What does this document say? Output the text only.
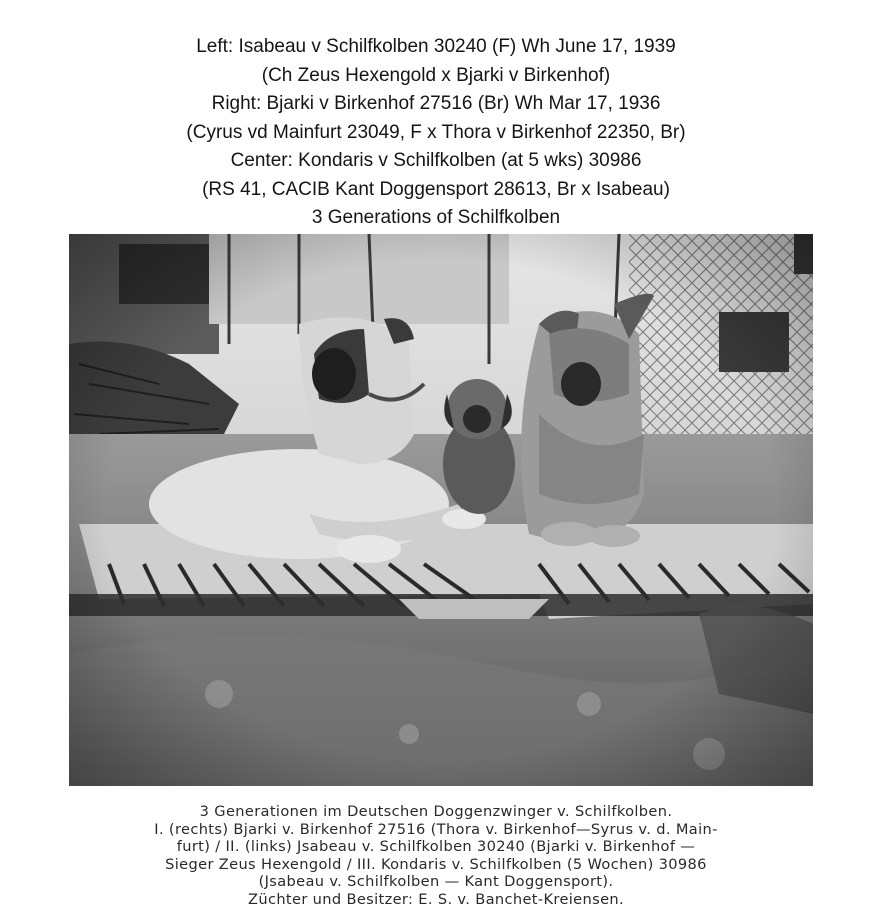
Left: Isabeau v Schilfkolben 30240 (F) Wh June 17, 1939
(Ch Zeus Hexengold x Bjarki v Birkenhof)
Right: Bjarki v Birkenhof 27516 (Br) Wh Mar 17, 1936
(Cyrus vd Mainfurt 23049, F x Thora v Birkenhof 22350, Br)
Center: Kondaris v Schilfkolben (at 5 wks) 30986
(RS 41, CACIB Kant Doggensport 28613, Br x Isabeau)
3 Generations of Schilfkolben
3 Generationen im Deutschen Doggenzwinger v. Schilfkolben.
I. (rechts) Bjarki v. Birkenhof 27516 (Thora v. Birkenhof—Syrus v. d. Main-
furt) / II. (links) Jsabeau v. Schilfkolben 30240 (Bjarki v. Birkenhof —
Sieger Zeus Hexengold / III. Kondaris v. Schilfkolben (5 Wochen) 30986
(Jsabeau v. Schilfkolben — Kant Doggensport).
Züchter und Besitzer: E. S. v. Banchet-Kreiensen.
